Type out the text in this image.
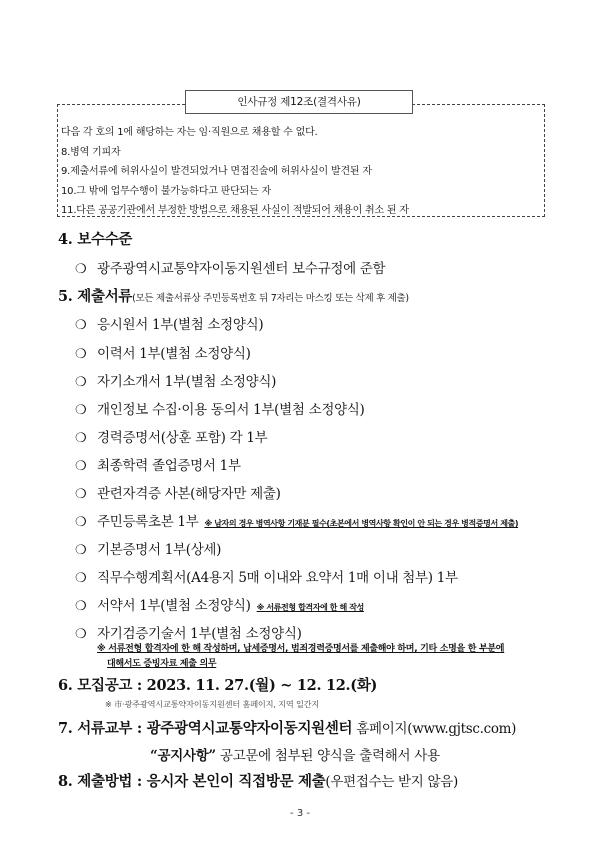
인사규정 제12조(결격사유)
다음 각 호의 1에 해당하는 자는 임·직원으로 채용할 수 없다.
8.병역 기피자
9.제출서류에 허위사실이 발견되었거나 면접진술에 허위사실이 발견된 자
10.그 밖에 업무수행이 불가능하다고 판단되는 자
11.다른 공공기관에서 부정한 방법으로 채용된 사실이 적발되어 채용이 취소 된 자
4. 보수수준
❍ 광주광역시교통약자이동지원센터 보수규정에 준함
5. 제출서류(모든 제출서류상 주민등록번호 뒤 7자리는 마스킹 또는 삭제 후 제출)
❍ 응시원서 1부(별첨 소정양식)
❍ 이력서 1부(별첨 소정양식)
❍ 자기소개서 1부(별첨 소정양식)
❍ 개인정보 수집·이용 동의서 1부(별첨 소정양식)
❍ 경력증명서(상훈 포함) 각 1부
❍ 최종학력 졸업증명서 1부
❍ 관련자격증 사본(해당자만 제출)
❍ 주민등록초본 1부 ※ 남자의 경우 병역사항 기재분 필수(초본에서 병역사항 확인이 안 되는 경우 병적증명서 제출)
❍ 기본증명서 1부(상세)
❍ 직무수행계획서(A4용지 5매 이내와 요약서 1매 이내 첨부) 1부
❍ 서약서 1부(별첨 소정양식) ※ 서류전형 합격자에 한 해 작성
❍ 자기검증기술서 1부(별첨 소정양식)
※ 서류전형 합격자에 한 해 작성하며, 납세증명서, 범죄경력증명서를 제출해야 하며, 기타 소명을 한 부분에
대해서도 증빙자료 제출 의무
6. 모집공고 : 2023. 11. 27.(월) ~ 12. 12.(화)
※ 市·광주광역시교통약자이동지원센터 홈페이지, 지역 일간지
7. 서류교부 : 광주광역시교통약자이동지원센터 홈페이지(www.gjtsc.com)
“공지사항” 공고문에 첨부된 양식을 출력해서 사용
8. 제출방법 : 응시자 본인이 직접방문 제출(우편접수는 받지 않음)
- 3 -
